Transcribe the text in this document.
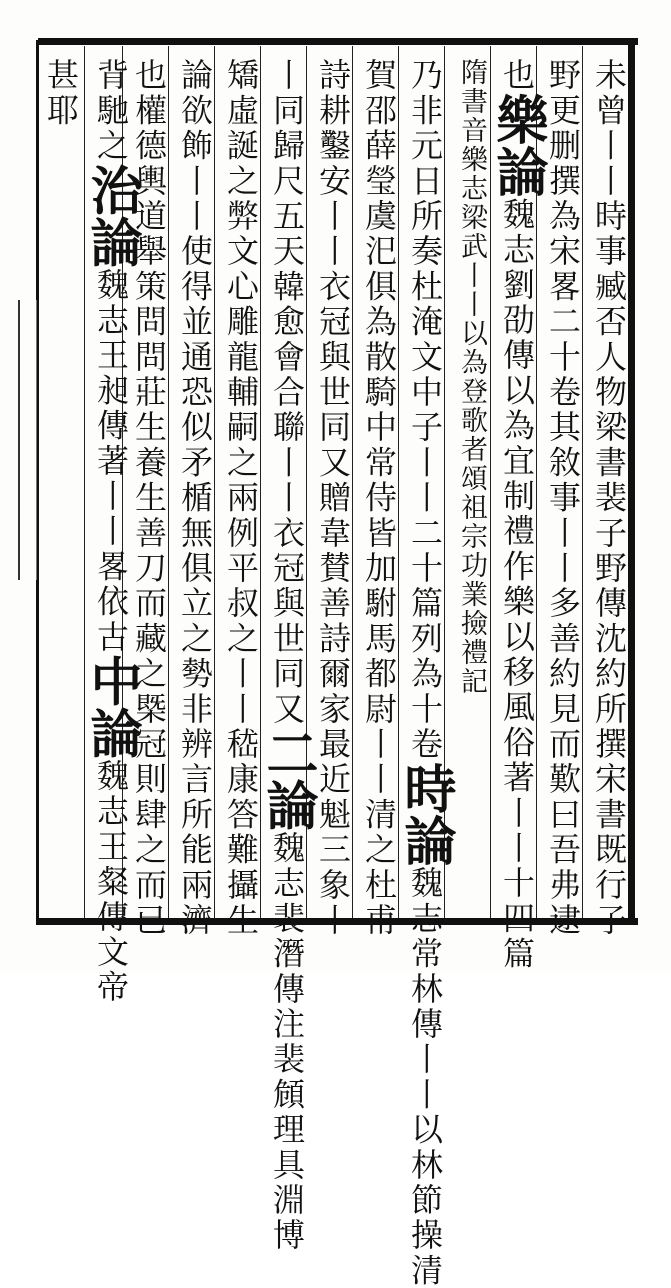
未曾丨丨時事臧否人物梁書裴子野傳沈約所撰宋書既行子
野更删撰為宋畧二十卷其敘事丨丨多善約見而歎曰吾弗逮
也樂論魏志劉劭傳以為宜制禮作樂以移風俗著丨丨十四篇
隋書音樂志梁武丨丨以為登歌者頌祖宗功業撿禮記
乃非元日所奏杜淹文中子丨丨二十篇列為十卷時論魏志常林傳丨丨以林節操清
賀邵薛瑩虞汜俱為散騎中常侍皆加駙馬都尉丨丨清之杜甫
詩耕鑿安丨丨衣冠與世同又贈韋賛善詩爾家最近魁三象丨
丨同歸尺五天韓愈會合聯丨丨衣冠與世同又二論魏志裴潛傳注裴頠理具淵博
矯虛誕之弊文心雕龍輔嗣之兩例平叔之丨丨嵇康答難攝生
論欲飾丨丨使得並通恐似矛楯無俱立之勢非辨言所能兩濟
也權德輿道舉策問問莊生養生善刀而藏之槩冠則肆之而已
背馳之治論魏志王昶傳著丨丨畧依古中論魏志王粲傳文帝
甚耶
